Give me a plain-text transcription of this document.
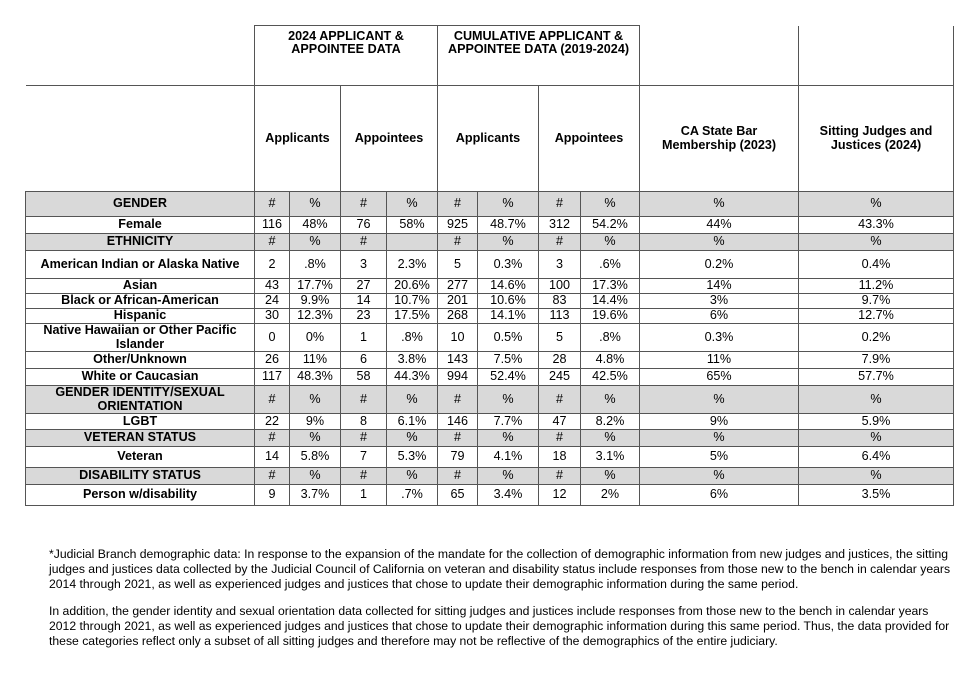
	2024 APPLICANT & APPOINTEE DATA				CUMULATIVE APPLICANT & APPOINTEE DATA (2019-2024)					
	Applicants		Appointees		Applicants		Appointees		CA State Bar Membership (2023)	Sitting Judges and Justices (2024)
GENDER	#	%	#	%	#	%	#	%	%	%
Female	116	48%	76	58%	925	48.7%	312	54.2%	44%	43.3%
ETHNICITY	#	%	#		#	%	#	%	%	%
American Indian or Alaska Native	2	.8%	3	2.3%	5	0.3%	3	.6%	0.2%	0.4%
Asian	43	17.7%	27	20.6%	277	14.6%	100	17.3%	14%	11.2%
Black or African-American	24	9.9%	14	10.7%	201	10.6%	83	14.4%	3%	9.7%
Hispanic	30	12.3%	23	17.5%	268	14.1%	113	19.6%	6%	12.7%
Native Hawaiian or Other Pacific Islander	0	0%	1	.8%	10	0.5%	5	.8%	0.3%	0.2%
Other/Unknown	26	11%	6	3.8%	143	7.5%	28	4.8%	11%	7.9%
White or Caucasian	117	48.3%	58	44.3%	994	52.4%	245	42.5%	65%	57.7%
GENDER IDENTITY/SEXUAL ORIENTATION	#	%	#	%	#	%	#	%	%	%
LGBT	22	9%	8	6.1%	146	7.7%	47	8.2%	9%	5.9%
VETERAN STATUS	#	%	#	%	#	%	#	%	%	%
Veteran	14	5.8%	7	5.3%	79	4.1%	18	3.1%	5%	6.4%
DISABILITY STATUS	#	%	#	%	#	%	#	%	%	%
Person w/disability	9	3.7%	1	.7%	65	3.4%	12	2%	6%	3.5%

*Judicial Branch demographic data: In response to the expansion of the mandate for the collection of demographic information from new judges and justices, the sitting judges and justices data collected by the Judicial Council of California on veteran and disability status include responses from those new to the bench in calendar years 2014 through 2021, as well as experienced judges and justices that chose to update their demographic information during the same period.

In addition, the gender identity and sexual orientation data collected for sitting judges and justices include responses from those new to the bench in calendar years 2012 through 2021, as well as experienced judges and justices that chose to update their demographic information during this same period. Thus, the data provided for these categories reflect only a subset of all sitting judges and therefore may not be reflective of the demographics of the entire judiciary.
